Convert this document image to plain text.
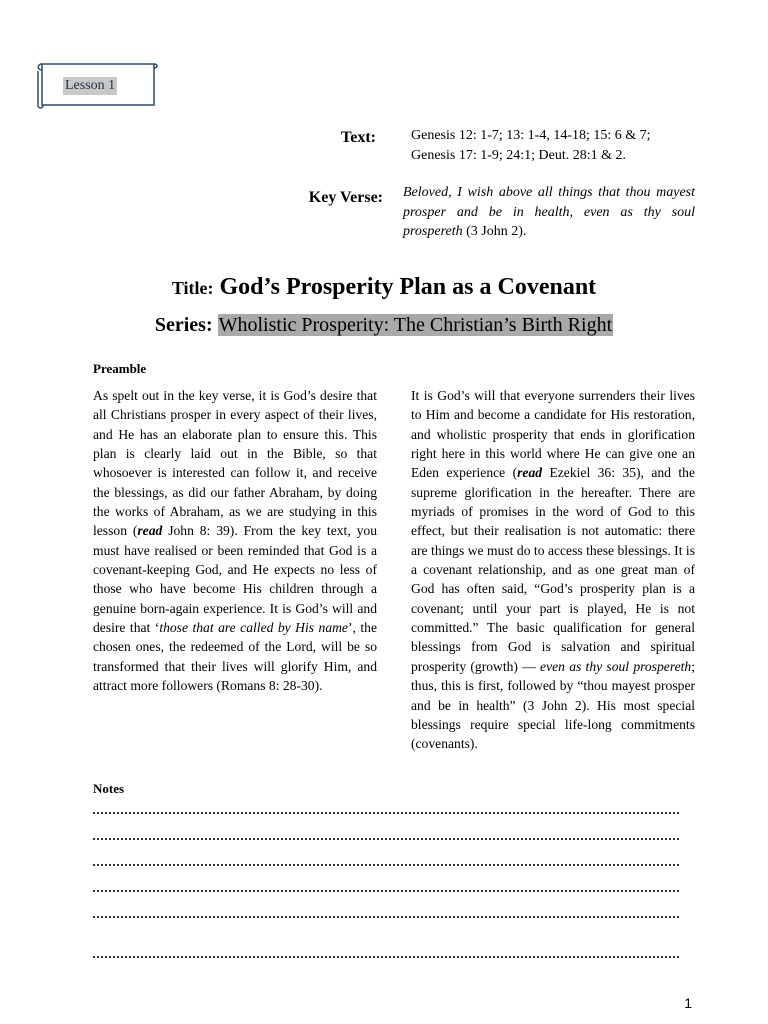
Lesson 1
Text:	Genesis 12: 1-7; 13: 1-4, 14-18; 15: 6 & 7;
Genesis 17: 1-9; 24:1; Deut. 28:1 & 2.
Key Verse: Beloved, I wish above all things that thou mayest prosper and be in health, even as thy soul prospereth (3 John 2).
Title: God’s Prosperity Plan as a Covenant
Series: Wholistic Prosperity: The Christian’s Birth Right
Preamble
As spelt out in the key verse, it is God’s desire that all Christians prosper in every aspect of their lives, and He has an elaborate plan to ensure this. This plan is clearly laid out in the Bible, so that whosoever is interested can follow it, and receive the blessings, as did our father Abraham, by doing the works of Abraham, as we are studying in this lesson (read John 8: 39). From the key text, you must have realised or been reminded that God is a covenant-keeping God, and He expects no less of those who have become His children through a genuine born-again experience. It is God’s will and desire that ‘those that are called by His name’, the chosen ones, the redeemed of the Lord, will be so transformed that their lives will glorify Him, and attract more followers (Romans 8: 28-30).
It is God’s will that everyone surrenders their lives to Him and become a candidate for His restoration, and wholistic prosperity that ends in glorification right here in this world where He can give one an Eden experience (read Ezekiel 36: 35), and the supreme glorification in the hereafter. There are myriads of promises in the word of God to this effect, but their realisation is not automatic: there are things we must do to access these blessings. It is a covenant relationship, and as one great man of God has often said, “God’s prosperity plan is a covenant; until your part is played, He is not committed.” The basic qualification for general blessings from God is salvation and spiritual prosperity (growth) — even as thy soul prospereth; thus, this is first, followed by “thou mayest prosper and be in health” (3 John 2). His most special blessings require special life-long commitments (covenants).
Notes
1
